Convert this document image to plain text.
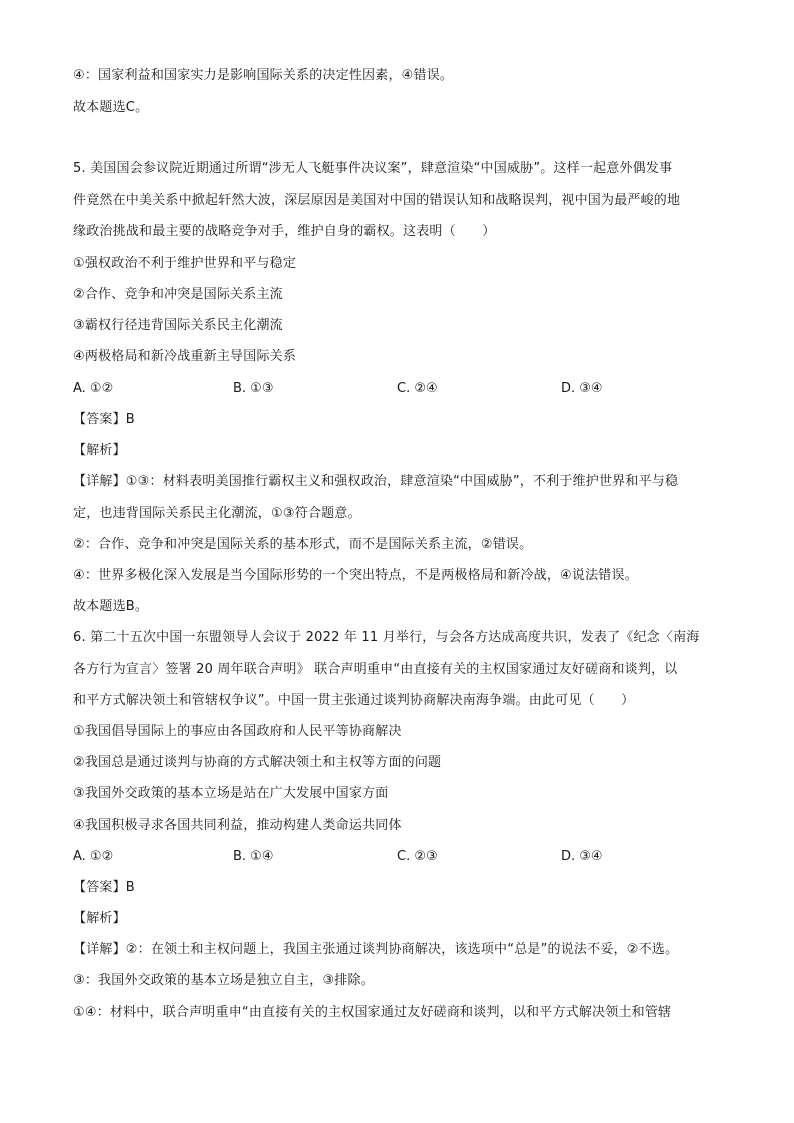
④：国家利益和国家实力是影响国际关系的决定性因素，④错误。
故本题选C。
5. 美国国会参议院近期通过所谓“涉无人飞艇事件决议案”，肆意渲染“中国威胁”。这样一起意外偶发事
件竟然在中美关系中掀起轩然大波，深层原因是美国对中国的错误认知和战略误判，视中国为最严峻的地
缘政治挑战和最主要的战略竞争对手，维护自身的霸权。这表明（　　）
①强权政治不利于维护世界和平与稳定
②合作、竞争和冲突是国际关系主流
③霸权行径违背国际关系民主化潮流
④两极格局和新冷战重新主导国际关系
A. ①②	B. ①③	C. ②④	D. ③④
【答案】B
【解析】
【详解】①③：材料表明美国推行霸权主义和强权政治，肆意渲染“中国威胁”，不利于维护世界和平与稳
定，也违背国际关系民主化潮流，①③符合题意。
②：合作、竞争和冲突是国际关系的基本形式，而不是国际关系主流，②错误。
④：世界多极化深入发展是当今国际形势的一个突出特点，不是两极格局和新冷战，④说法错误。
故本题选B。
6. 第二十五次中国一东盟领导人会议于 2022 年 11 月举行，与会各方达成高度共识，发表了《纪念〈南海
各方行为宣言〉签署 20 周年联合声明》 联合声明重申“由直接有关的主权国家通过友好磋商和谈判，以
和平方式解决领土和管辖权争议”。中国一贯主张通过谈判协商解决南海争端。由此可见（　　）
①我国倡导国际上的事应由各国政府和人民平等协商解决
②我国总是通过谈判与协商的方式解决领土和主权等方面的问题
③我国外交政策的基本立场是站在广大发展中国家方面
④我国积极寻求各国共同利益，推动构建人类命运共同体
A. ①②	B. ①④	C. ②③	D. ③④
【答案】B
【解析】
【详解】②：在领土和主权问题上，我国主张通过谈判协商解决，该选项中“总是”的说法不妥，②不选。
③：我国外交政策的基本立场是独立自主，③排除。
①④：材料中，联合声明重申“由直接有关的主权国家通过友好磋商和谈判，以和平方式解决领土和管辖
